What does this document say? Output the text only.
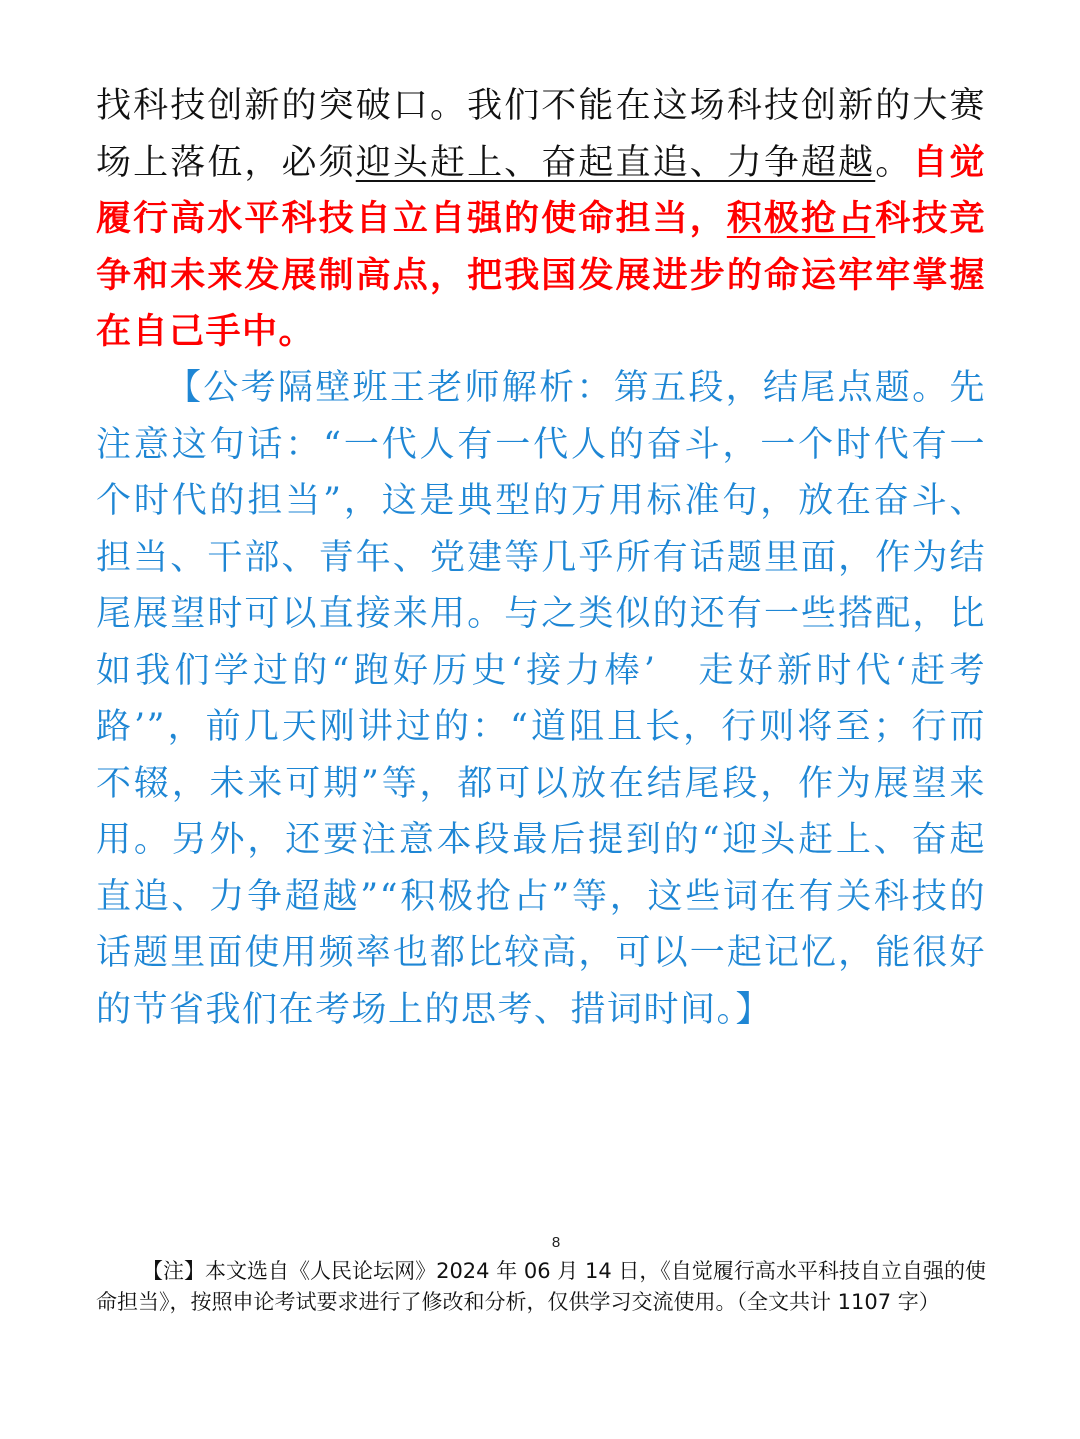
找科技创新的突破口。我们不能在这场科技创新的大赛场上落伍，必须迎头赶上、奋起直追、力争超越。自觉履行高水平科技自立自强的使命担当，积极抢占科技竞争和未来发展制高点，把我国发展进步的命运牢牢掌握在自己手中。

【公考隔壁班王老师解析：第五段，结尾点题。先注意这句话：“一代人有一代人的奋斗，一个时代有一个时代的担当”，这是典型的万用标准句，放在奋斗、担当、干部、青年、党建等几乎所有话题里面，作为结尾展望时可以直接来用。与之类似的还有一些搭配，比如我们学过的“跑好历史‘接力棒’　走好新时代‘赶考路’”，前几天刚讲过的：“道阻且长，行则将至；行而不辍，未来可期”等，都可以放在结尾段，作为展望来用。另外，还要注意本段最后提到的“迎头赶上、奋起直追、力争超越”“积极抢占”等，这些词在有关科技的话题里面使用频率也都比较高，可以一起记忆，能很好的节省我们在考场上的思考、措词时间。】

8

【注】本文选自《人民论坛网》2024 年 06 月 14 日，《自觉履行高水平科技自立自强的使命担当》，按照申论考试要求进行了修改和分析，仅供学习交流使用。（全文共计 1107 字）
